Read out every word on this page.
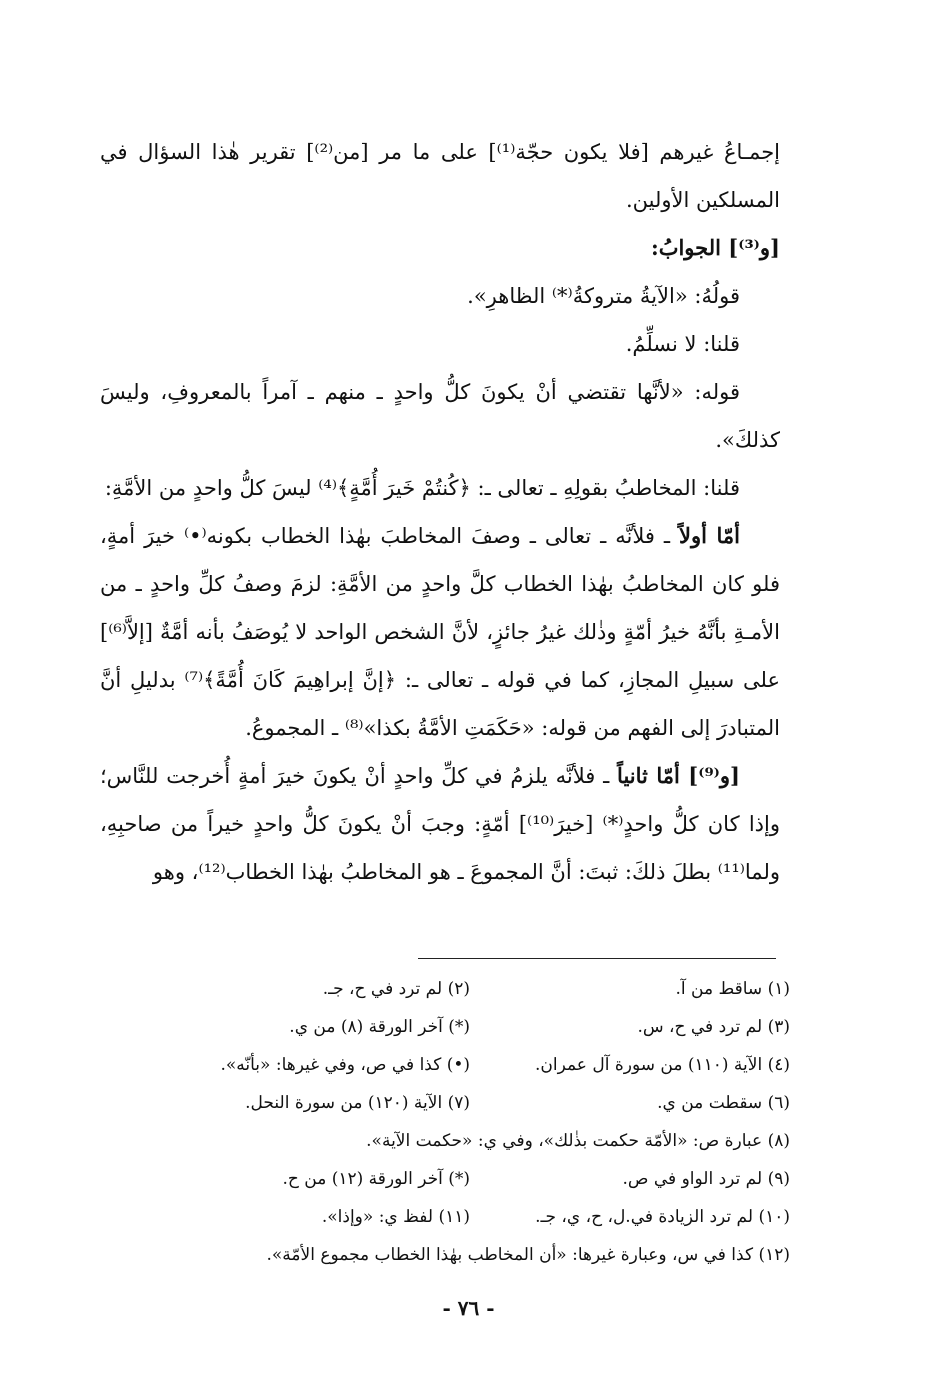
إجمـاعُ غيرهم [فلا يكون حجّة⁽¹⁾] على ما مر [من⁽²⁾] تقرير هٰذا السؤال في المسلكين الأولين.

[و⁽³⁾] الجوابُ:

قولُهُ: «الآيةُ متروكةُ⁽*⁾ الظاهرِ».

قلنا: لا نسلِّمُ.

قوله: «لأنَّها تقتضي أنْ يكونَ كلُّ واحدٍ ـ منهم ـ آمراً بالمعروفِ، وليسَ كذلكَ».

قلنا: المخاطبُ بقولِهِ ـ تعالى ـ: ﴿كُنتُمْ خَيرَ أُمَّةٍ﴾⁽⁴⁾ ليسَ كلُّ واحدٍ من الأمَّةِ:

أمّا أولاً ـ فلأنَّه ـ تعالى ـ وصفَ المخاطبَ بهٰذا الخطاب بكونه⁽•⁾ خيرَ أمةٍ، فلو كان المخاطبُ بهٰذا الخطاب كلَّ واحدٍ من الأمَّةِ: لزمَ وصفُ كلِّ واحدٍ ـ من الأمـةِ بأنَّهُ خيرُ أمّةٍ وذٰلك غيرُ جائزٍ، لأنَّ الشخص الواحد لا يُوصَفُ بأنه أمَّةٌ [إلاَّ⁽⁶⁾] على سبيلِ المجازِ، كما في قوله ـ تعالى ـ: ﴿إنَّ إبراهِيمَ كَانَ أُمَّةً﴾⁽⁷⁾ بدليلِ أنَّ المتبادرَ إلى الفهم من قوله: «حَكَمَتِ الأمَّةُ بكذا»⁽⁸⁾ ـ المجموعُ.

[و⁽⁹⁾] أمّا ثانياً ـ فلأنَّه يلزمُ في كلِّ واحدٍ أنْ يكونَ خيرَ أمةٍ أُخرجت للنَّاس؛ وإذا كان كلُّ واحدٍ⁽*⁾ [خيرَ⁽¹⁰⁾] أمّةٍ: وجبَ أنْ يكونَ كلُّ واحدٍ خيراً من صاحبِهِ، ولما⁽¹¹⁾ بطلَ ذلكَ: ثبتَ: أنَّ المجموعَ ـ هو المخاطبُ بهٰذا الخطاب⁽¹²⁾، وهو

(١) ساقط من آ.
(٢) لم ترد في ح، جـ.
(٣) لم ترد في ح، س.
(*) آخر الورقة (٨) من ي.
(٤) الآية (١١٠) من سورة آل عمران.
(•) كذا في ص، وفي غيرها: «بأنّه».
(٦) سقطت من ي.
(٧) الآية (١٢٠) من سورة النحل.
(٨) عبارة ص: «الأمّة حكمت بذٰلك»، وفي ي: «حكمت الآية».
(٩) لم ترد الواو في ص.
(*) آخر الورقة (١٢) من ح.
(١٠) لم ترد الزيادة في.ل، ح، ي، جـ.
(١١) لفظ ي: «وإذا».
(١٢) كذا في س، وعبارة غيرها: «أن المخاطب بهٰذا الخطاب مجموع الأمّة».
- ٧٦ -
